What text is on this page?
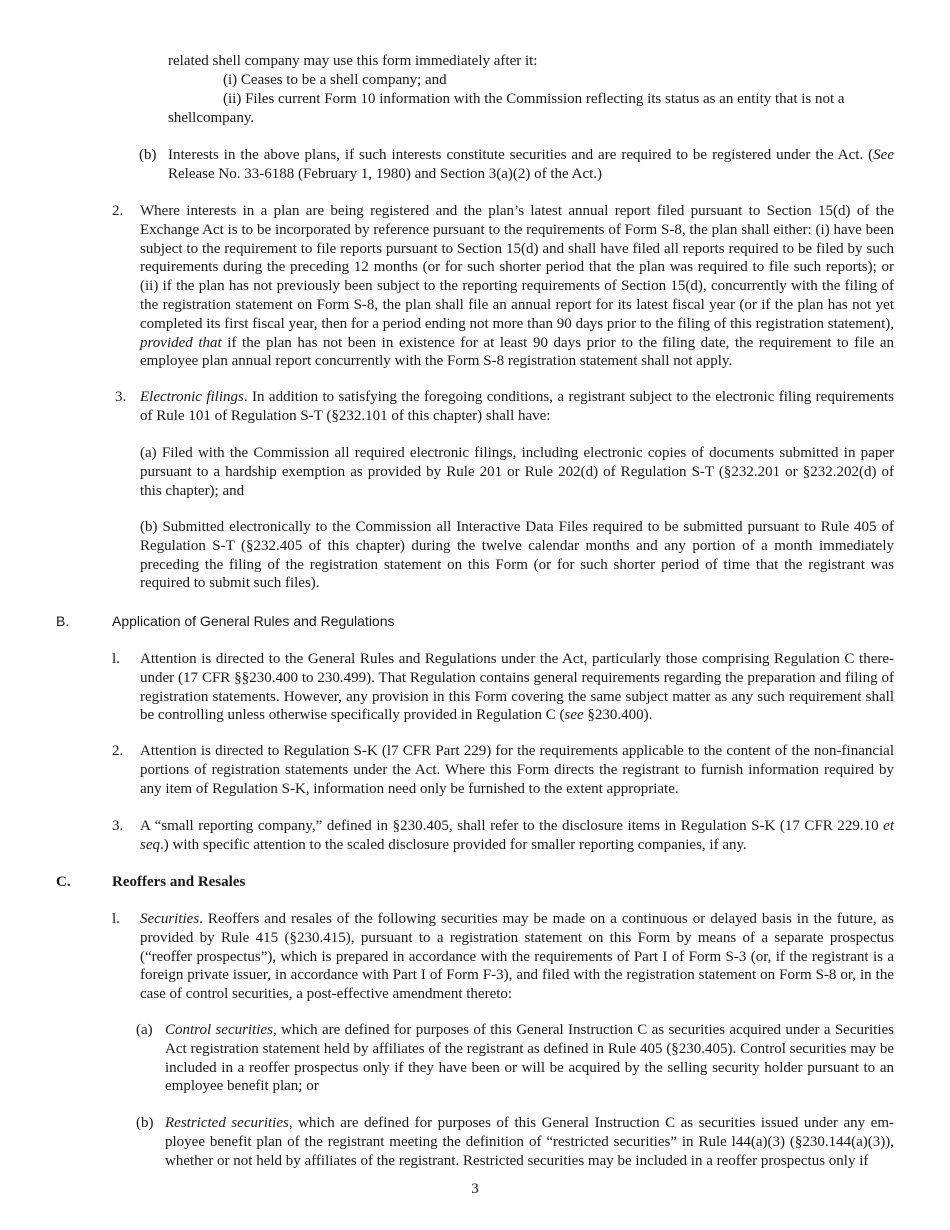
related shell company may use this form immediately after it:
(i) Ceases to be a shell company; and
(ii) Files current Form 10 information with the Commission reflecting its status as an entity that is not a
shellcompany.
(b) Interests in the above plans, if such interests constitute securities and are required to be registered under the Act. (See Release No. 33-6188 (February 1, 1980) and Section 3(a)(2) of the Act.)
2. Where interests in a plan are being registered and the plan’s latest annual report filed pursuant to Section 15(d) of the Exchange Act is to be incorporated by reference pursuant to the requirements of Form S-8, the plan shall either: (i) have been subject to the requirement to file reports pursuant to Section 15(d) and shall have filed all reports required to be filed by such requirements during the preceding 12 months (or for such shorter period that the plan was required to file such reports); or (ii) if the plan has not previously been subject to the reporting requirements of Section 15(d), concurrently with the filing of the registration statement on Form S-8, the plan shall file an annual report for its latest fiscal year (or if the plan has not yet completed its first fiscal year, then for a period ending not more than 90 days prior to the filing of this registration statement), provided that if the plan has not been in existence for at least 90 days prior to the filing date, the requirement to file an employee plan annual report concurrently with the Form S-8 registration statement shall not apply.
3. Electronic filings. In addition to satisfying the foregoing conditions, a registrant subject to the electronic filing requirements of Rule 101 of Regulation S-T (§232.101 of this chapter) shall have:
(a) Filed with the Commission all required electronic filings, including electronic copies of documents submitted in paper pursuant to a hardship exemption as provided by Rule 201 or Rule 202(d) of Regulation S-T (§232.201 or §232.202(d) of this chapter); and
(b) Submitted electronically to the Commission all Interactive Data Files required to be submitted pursuant to Rule 405 of Regulation S-T (§232.405 of this chapter) during the twelve calendar months and any portion of a month immediately preceding the filing of the registration statement on this Form (or for such shorter period of time that the registrant was required to submit such files).
B.	Application of General Rules and Regulations
l. Attention is directed to the General Rules and Regulations under the Act, particularly those comprising Regulation C there-under (17 CFR §§230.400 to 230.499). That Regulation contains general requirements regarding the preparation and filing of registration statements. However, any provision in this Form covering the same subject matter as any such requirement shall be controlling unless otherwise specifically provided in Regulation C (see §230.400).
2. Attention is directed to Regulation S-K (l7 CFR Part 229) for the requirements applicable to the content of the non-financial portions of registration statements under the Act. Where this Form directs the registrant to furnish information required by any item of Regulation S-K, information need only be furnished to the extent appropriate.
3. A “small reporting company,” defined in §230.405, shall refer to the disclosure items in Regulation S-K (17 CFR 229.10 et seq.) with specific attention to the scaled disclosure provided for smaller reporting companies, if any.
C.	Reoffers and Resales
l. Securities. Reoffers and resales of the following securities may be made on a continuous or delayed basis in the future, as provided by Rule 415 (§230.415), pursuant to a registration statement on this Form by means of a separate prospectus (“reoffer prospectus”), which is prepared in accordance with the requirements of Part I of Form S-3 (or, if the registrant is a foreign private issuer, in accordance with Part I of Form F-3), and filed with the registration statement on Form S-8 or, in the case of control securities, a post-effective amendment thereto:
(a) Control securities, which are defined for purposes of this General Instruction C as securities acquired under a Securities Act registration statement held by affiliates of the registrant as defined in Rule 405 (§230.405). Control securities may be included in a reoffer prospectus only if they have been or will be acquired by the selling security holder pursuant to an employee benefit plan; or
(b) Restricted securities, which are defined for purposes of this General Instruction C as securities issued under any em-ployee benefit plan of the registrant meeting the definition of “restricted securities” in Rule l44(a)(3) (§230.144(a)(3)), whether or not held by affiliates of the registrant. Restricted securities may be included in a reoffer prospectus only if
3
